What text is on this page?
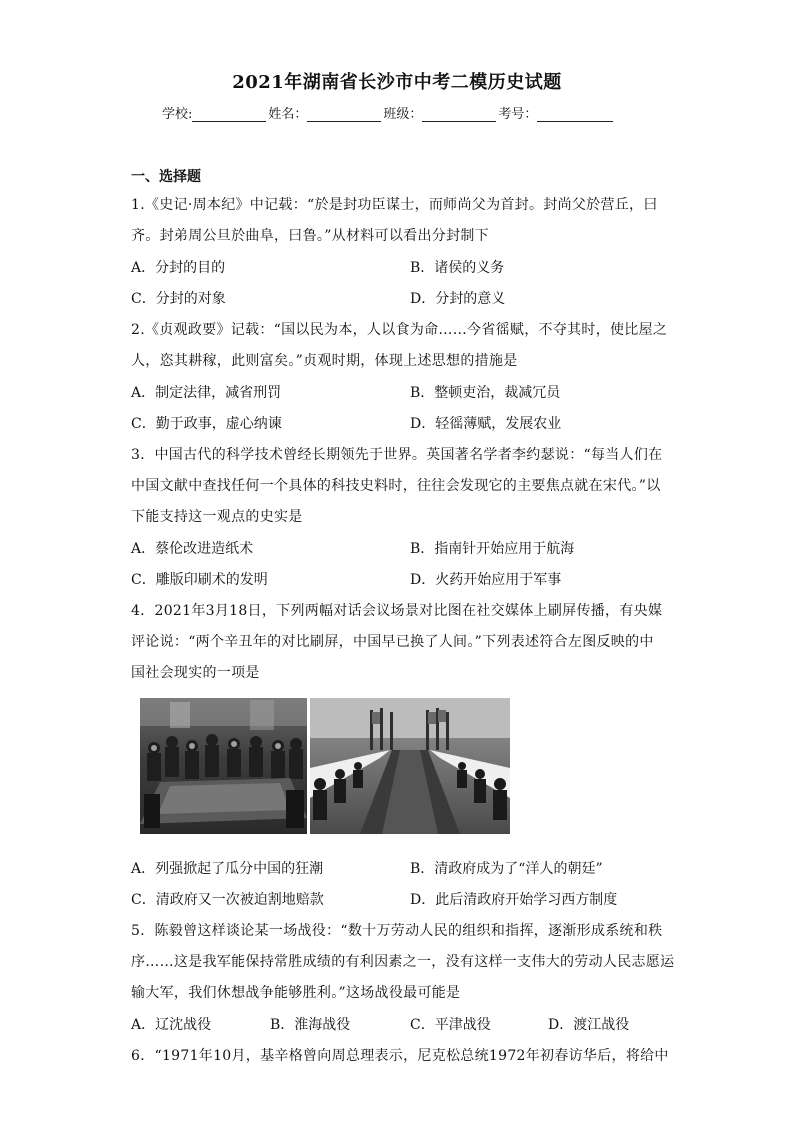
2021年湖南省长沙市中考二模历史试题
学校:	姓名：	班级：	考号：
一、选择题
1.《史记·周本纪》中记载：“於是封功臣谋士，而师尚父为首封。封尚父於营丘，曰
齐。封弟周公旦於曲阜，曰鲁。”从材料可以看出分封制下
A．分封的目的	B．诸侯的义务
C．分封的对象	D．分封的意义
2.《贞观政要》记载：“国以民为本，人以食为命……今省徭赋，不夺其时，使比屋之
人，恣其耕稼，此则富矣。”贞观时期，体现上述思想的措施是
A．制定法律，减省刑罚	B．整顿吏治，裁减冗员
C．勤于政事，虚心纳谏	D．轻徭薄赋，发展农业
3．中国古代的科学技术曾经长期领先于世界。英国著名学者李约瑟说：“每当人们在
中国文献中查找任何一个具体的科技史料时，往往会发现它的主要焦点就在宋代。”以
下能支持这一观点的史实是
A．蔡伦改进造纸术	B．指南针开始应用于航海
C．雕版印刷术的发明	D．火药开始应用于军事
4．2021年3月18日，下列两幅对话会议场景对比图在社交媒体上刷屏传播，有央媒
评论说：“两个辛丑年的对比刷屏，中国早已换了人间。”下列表述符合左图反映的中
国社会现实的一项是
A．列强掀起了瓜分中国的狂潮	B．清政府成为了“洋人的朝廷”
C．清政府又一次被迫割地赔款	D．此后清政府开始学习西方制度
5．陈毅曾这样谈论某一场战役：“数十万劳动人民的组织和指挥，逐渐形成系统和秩
序……这是我军能保持常胜成绩的有利因素之一，没有这样一支伟大的劳动人民志愿运
输大军，我们休想战争能够胜利。”这场战役最可能是
A．辽沈战役	B．淮海战役	C．平津战役	D．渡江战役
6．“1971年10月，基辛格曾向周总理表示，尼克松总统1972年初春访华后，将给中
